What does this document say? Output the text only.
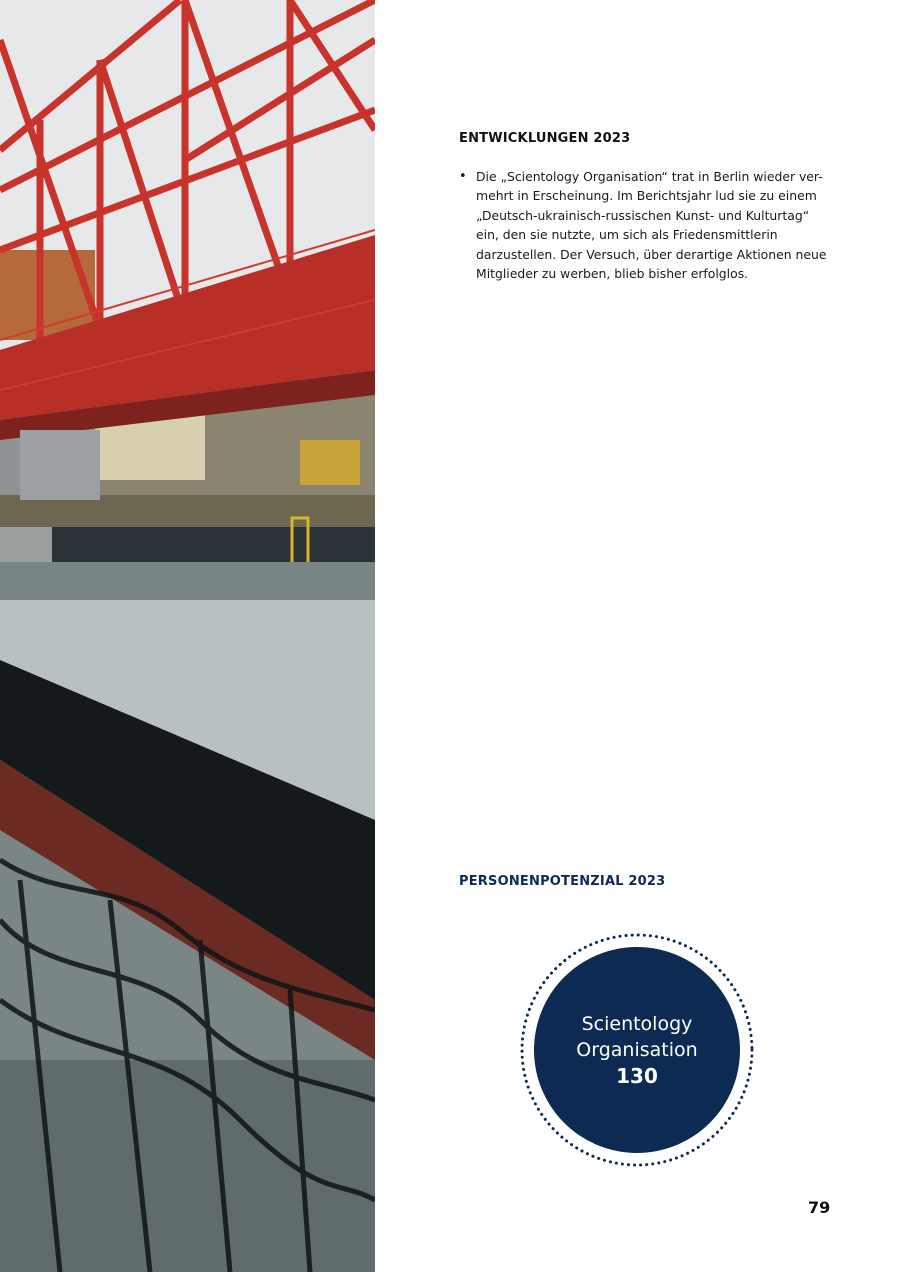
ENTWICKLUNGEN 2023
• Die „Scientology Organisation“ trat in Berlin wieder ver-mehrt in Erscheinung. Im Berichtsjahr lud sie zu einem „Deutsch-ukrainisch-russischen Kunst- und Kulturtag“ ein, den sie nutzte, um sich als Friedensmittlerin darzustellen. Der Versuch, über derartige Aktionen neue Mitglieder zu werben, blieb bisher erfolglos.
PERSONENPOTENZIAL 2023
Scientology Organisation
130
79
